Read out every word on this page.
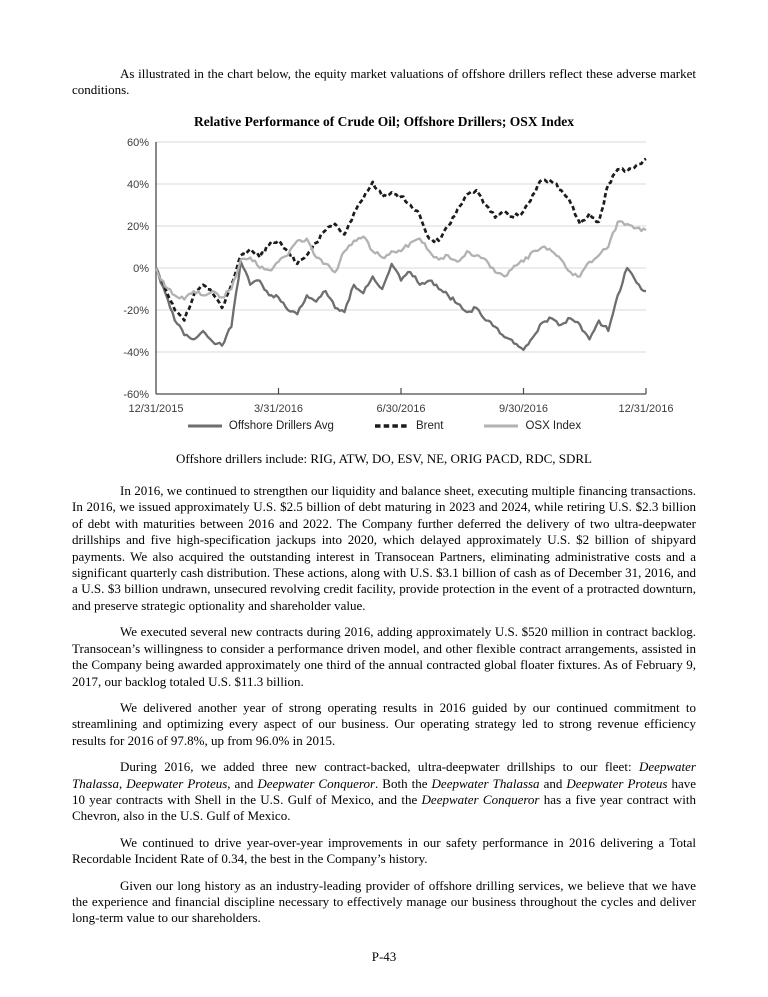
As illustrated in the chart below, the equity market valuations of offshore drillers reflect these adverse market conditions.

Relative Performance of Crude Oil; Offshore Drillers; OSX Index
60%
40%
20%
0%
-20%
-40%
-60%
12/31/2015	3/31/2016	6/30/2016	9/30/2016	12/31/2016
Offshore Drillers Avg	Brent	OSX Index

Offshore drillers include: RIG, ATW, DO, ESV, NE, ORIG PACD, RDC, SDRL

In 2016, we continued to strengthen our liquidity and balance sheet, executing multiple financing transactions. In 2016, we issued approximately U.S. $2.5 billion of debt maturing in 2023 and 2024, while retiring U.S. $2.3 billion of debt with maturities between 2016 and 2022. The Company further deferred the delivery of two ultra-deepwater drillships and five high-specification jackups into 2020, which delayed approximately U.S. $2 billion of shipyard payments. We also acquired the outstanding interest in Transocean Partners, eliminating administrative costs and a significant quarterly cash distribution. These actions, along with U.S. $3.1 billion of cash as of December 31, 2016, and a U.S. $3 billion undrawn, unsecured revolving credit facility, provide protection in the event of a protracted downturn, and preserve strategic optionality and shareholder value.

We executed several new contracts during 2016, adding approximately U.S. $520 million in contract backlog. Transocean’s willingness to consider a performance driven model, and other flexible contract arrangements, assisted in the Company being awarded approximately one third of the annual contracted global floater fixtures. As of February 9, 2017, our backlog totaled U.S. $11.3 billion.

We delivered another year of strong operating results in 2016 guided by our continued commitment to streamlining and optimizing every aspect of our business. Our operating strategy led to strong revenue efficiency results for 2016 of 97.8%, up from 96.0% in 2015.

During 2016, we added three new contract-backed, ultra-deepwater drillships to our fleet: Deepwater Thalassa, Deepwater Proteus, and Deepwater Conqueror. Both the Deepwater Thalassa and Deepwater Proteus have 10 year contracts with Shell in the U.S. Gulf of Mexico, and the Deepwater Conqueror has a five year contract with Chevron, also in the U.S. Gulf of Mexico.

We continued to drive year-over-year improvements in our safety performance in 2016 delivering a Total Recordable Incident Rate of 0.34, the best in the Company’s history.

Given our long history as an industry-leading provider of offshore drilling services, we believe that we have the experience and financial discipline necessary to effectively manage our business throughout the cycles and deliver long-term value to our shareholders.

P-43
